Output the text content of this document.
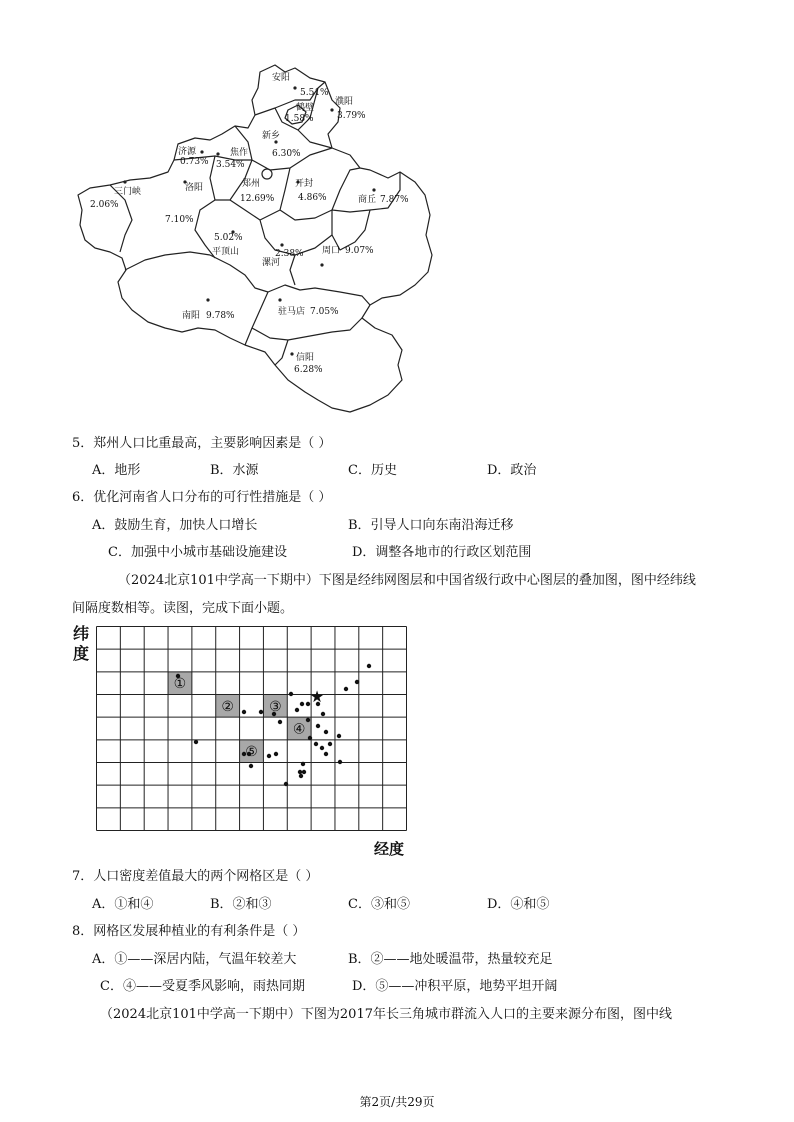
安阳
5.51%
鹤壁
1.58%
濮阳
3.79%
新乡
6.30%
济源
0.73%
焦作
3.54%
三门峡
2.06%
洛阳
7.10%
郑州
12.69%
开封
4.86%	商丘 7.87%
5.02%
平顶山
漯河
2.38% 周口 9.07%
南阳 9.78%	驻马店 7.05%
信阳
6.28%
5．郑州人口比重最高，主要影响因素是（ ）
A．地形	B．水源	C．历史	D．政治
6．优化河南省人口分布的可行性措施是（ ）
A．鼓励生育，加快人口增长	B．引导人口向东南沿海迁移
C．加强中小城市基础设施建设	D．调整各地市的行政区划范围
（2024北京101中学高一下期中）下图是经纬网图层和中国省级行政中心图层的叠加图，图中经纬线
间隔度数相等。读图，完成下面小题。
纬
度
①
②	③
④
⑤
★
经度
7．人口密度差值最大的两个网格区是（ ）
A．①和④	B．②和③	C．③和⑤	D．④和⑤
8．网格区发展种植业的有利条件是（ ）
A．①——深居内陆，气温年较差大	B．②——地处暖温带，热量较充足
C．④——受夏季风影响，雨热同期	D．⑤——冲积平原，地势平坦开阔
（2024北京101中学高一下期中）下图为2017年长三角城市群流入人口的主要来源分布图，图中线
第2页/共29页
